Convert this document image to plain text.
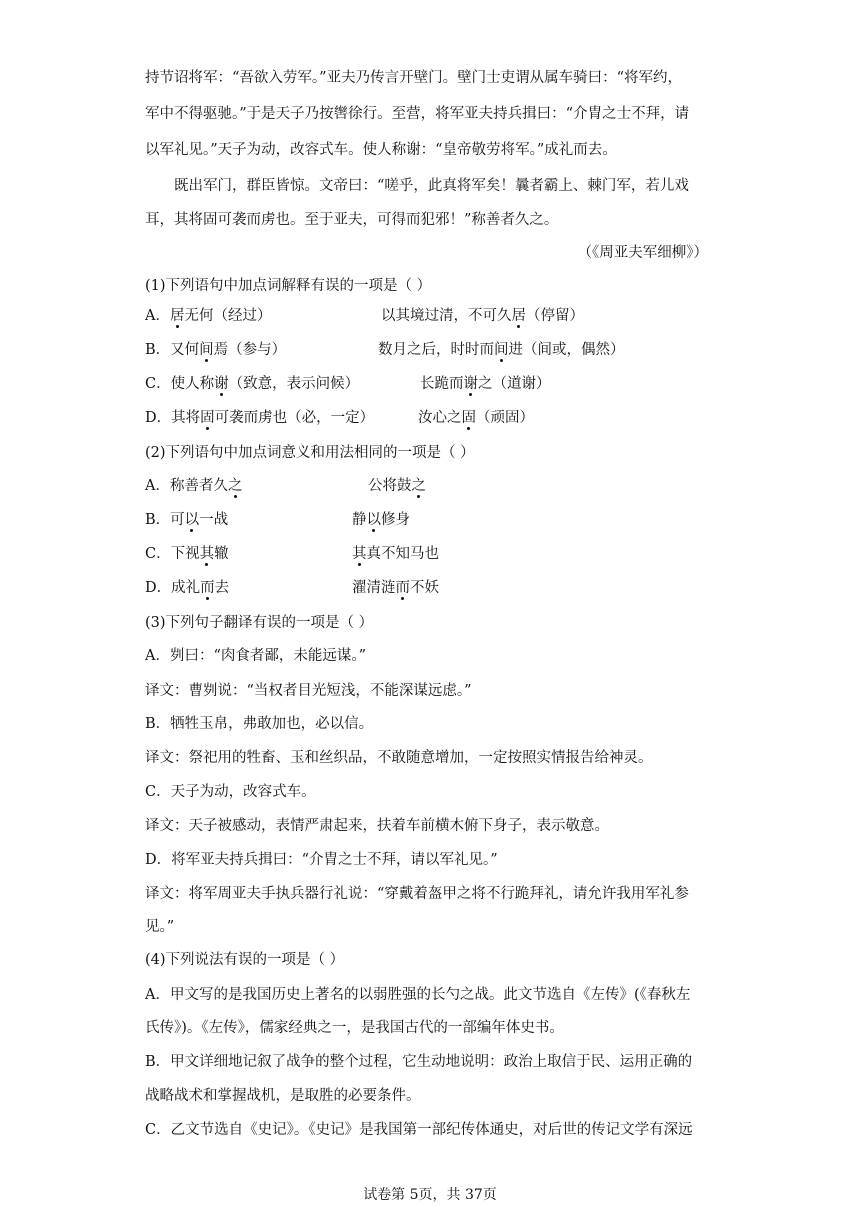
持节诏将军：“吾欲入劳军。”亚夫乃传言开壁门。壁门士吏谓从属车骑曰：“将军约，
军中不得驱驰。”于是天子乃按辔徐行。至营，将军亚夫持兵揖曰：“介胄之士不拜，请
以军礼见。”天子为动，改容式车。使人称谢：“皇帝敬劳将军。”成礼而去。
既出军门，群臣皆惊。文帝曰：“嗟乎，此真将军矣！曩者霸上、棘门军，若儿戏
耳，其将固可袭而虏也。至于亚夫，可得而犯邪！”称善者久之。
（《周亚夫军细柳》）
(1)下列语句中加点词解释有误的一项是（ ）
A．居无何（经过）	以其境过清，不可久居（停留）
B．又何间焉（参与）	数月之后，时时而间进（间或，偶然）
C．使人称谢（致意，表示问候）	长跪而谢之（道谢）
D．其将固可袭而虏也（必，一定）	汝心之固（顽固）
(2)下列语句中加点词意义和用法相同的一项是（ ）
A．称善者久之	公将鼓之
B．可以一战	静以修身
C．下视其辙	其真不知马也
D．成礼而去	濯清涟而不妖
(3)下列句子翻译有误的一项是（ ）
A．刿曰：“肉食者鄙，未能远谋。”
译文：曹刿说：“当权者目光短浅，不能深谋远虑。”
B．牺牲玉帛，弗敢加也，必以信。
译文：祭祀用的牲畜、玉和丝织品，不敢随意增加，一定按照实情报告给神灵。
C．天子为动，改容式车。
译文：天子被感动，表情严肃起来，扶着车前横木俯下身子，表示敬意。
D．将军亚夫持兵揖曰：“介胄之士不拜，请以军礼见。”
译文：将军周亚夫手执兵器行礼说：“穿戴着盔甲之将不行跪拜礼，请允许我用军礼参
见。”
(4)下列说法有误的一项是（ ）
A．甲文写的是我国历史上著名的以弱胜强的长勺之战。此文节选自《左传》(《春秋左
氏传》)。《左传》，儒家经典之一，是我国古代的一部编年体史书。
B．甲文详细地记叙了战争的整个过程，它生动地说明：政治上取信于民、运用正确的
战略战术和掌握战机，是取胜的必要条件。
C．乙文节选自《史记》。《史记》是我国第一部纪传体通史，对后世的传记文学有深远
试卷第 5页，共 37页
